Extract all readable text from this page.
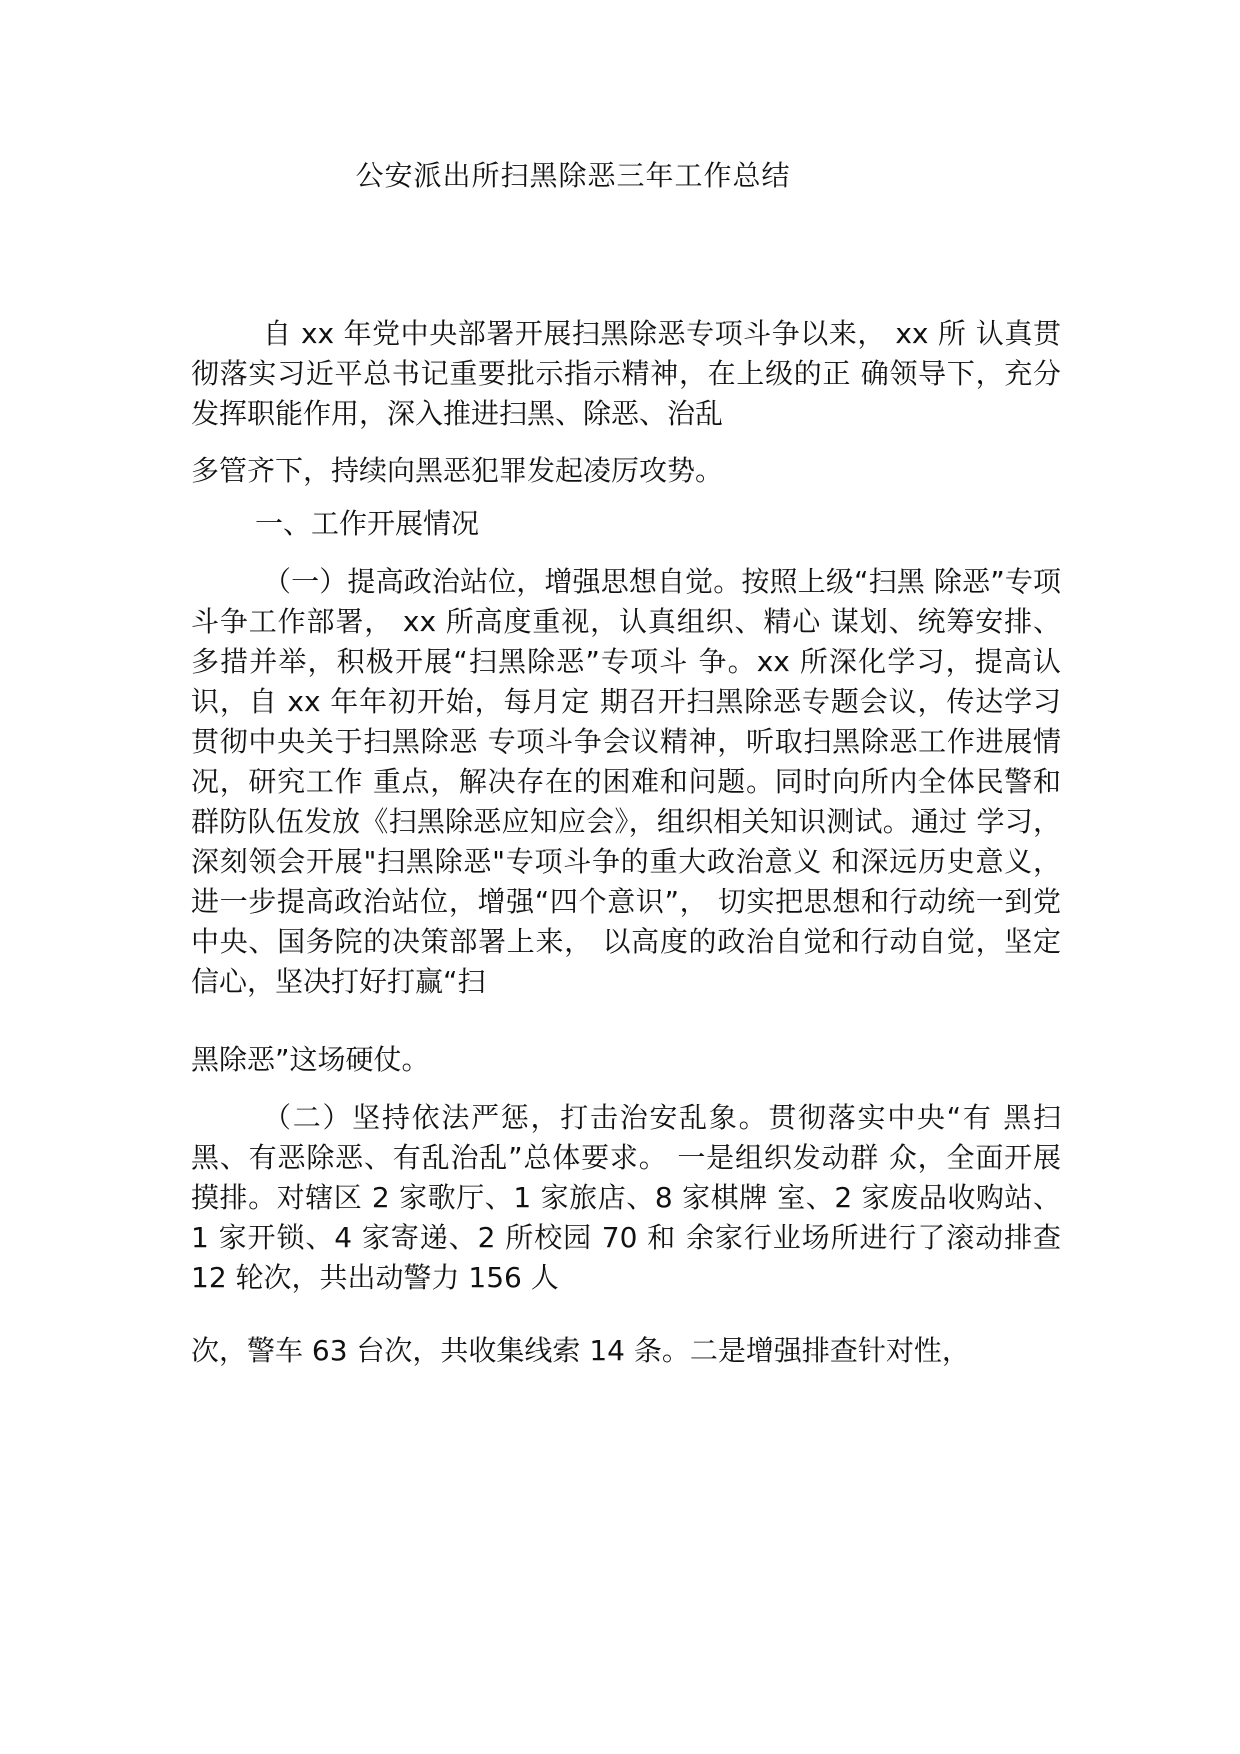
公安派出所扫黑除恶三年工作总结
自 xx 年党中央部署开展扫黑除恶专项斗争以来， xx 所 认真贯彻落实习近平总书记重要批示指示精神，在上级的正 确领导下，充分发挥职能作用，深入推进扫黑、除恶、治乱
多管齐下，持续向黑恶犯罪发起凌厉攻势。
一、工作开展情况
（一）提高政治站位，增强思想自觉。按照上级“扫黑 除恶”专项斗争工作部署， xx 所高度重视，认真组织、精心 谋划、统筹安排、多措并举，积极开展“扫黑除恶”专项斗 争。xx 所深化学习，提高认识，自 xx 年年初开始，每月定 期召开扫黑除恶专题会议，传达学习贯彻中央关于扫黑除恶 专项斗争会议精神，听取扫黑除恶工作进展情况，研究工作 重点，解决存在的困难和问题。同时向所内全体民警和群防队伍发放《扫黑除恶应知应会》，组织相关知识测试。通过 学习，深刻领会开展"扫黑除恶"专项斗争的重大政治意义 和深远历史意义，进一步提高政治站位，增强“四个意识”， 切实把思想和行动统一到党中央、国务院的决策部署上来， 以高度的政治自觉和行动自觉，坚定信心，坚决打好打赢“扫
黑除恶”这场硬仗。
（二）坚持依法严惩，打击治安乱象。贯彻落实中央“有 黑扫黑、有恶除恶、有乱治乱”总体要求。 一是组织发动群 众，全面开展摸排。对辖区 2 家歌厅、1 家旅店、8 家棋牌 室、2 家废品收购站、1 家开锁、4 家寄递、2 所校园 70 和 余家行业场所进行了滚动排查 12 轮次，共出动警力 156 人
次，警车 63 台次，共收集线索 14 条。二是增强排查针对性，
